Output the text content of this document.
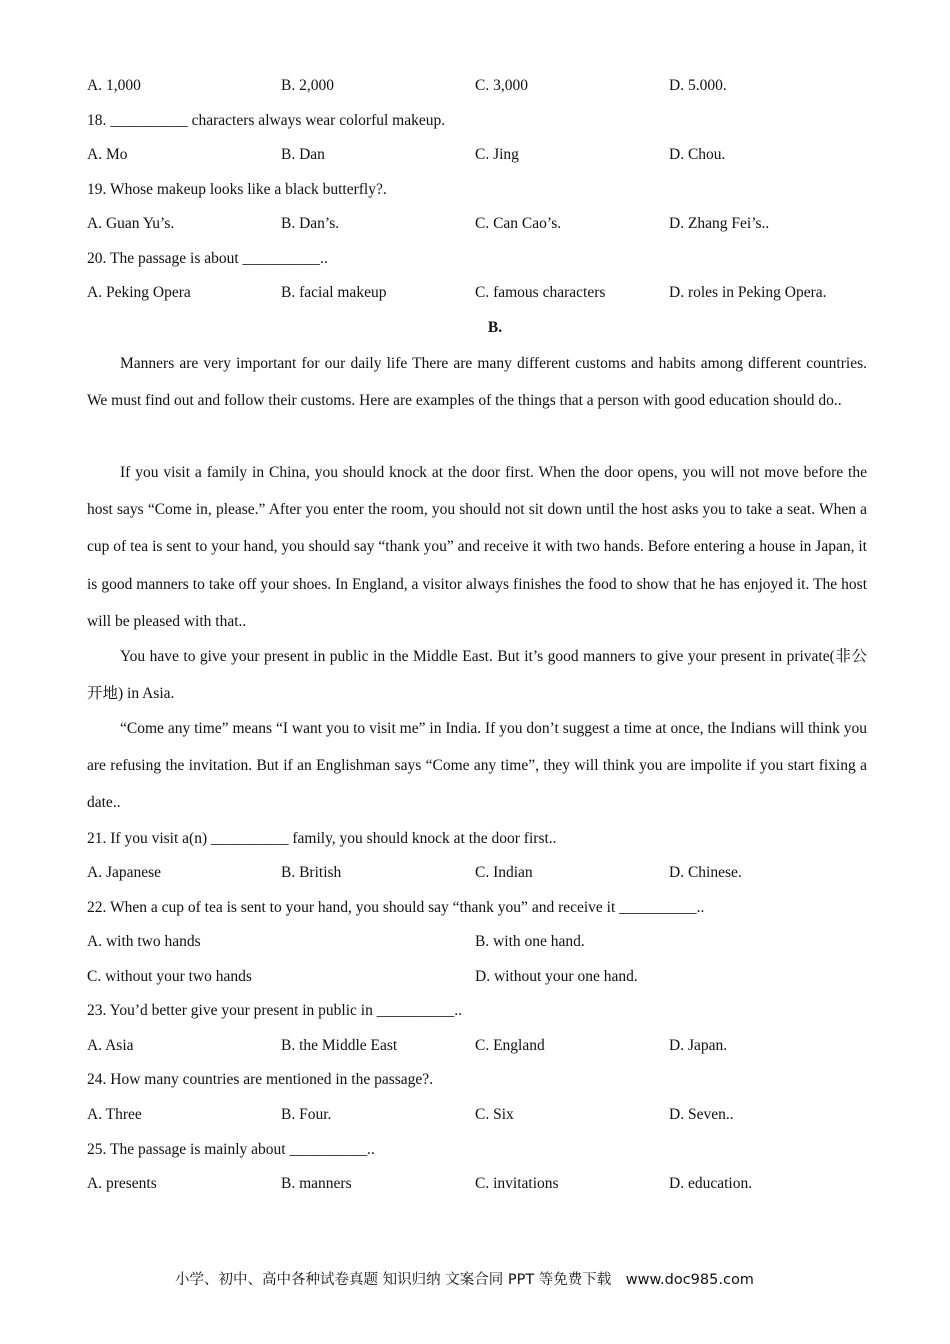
A. 1,000	B. 2,000	C. 3,000	D. 5.000.
18. __________ characters always wear colorful makeup.
A. Mo	B. Dan	C. Jing	D. Chou.
19. Whose makeup looks like a black butterfly?.
A. Guan Yu’s.	B. Dan’s.	C. Can Cao’s.	D. Zhang Fei’s..
20. The passage is about __________..
A. Peking Opera	B. facial makeup	C. famous characters	D. roles in Peking Opera.
B.
Manners are very important for our daily life There are many different customs and habits among different countries. We must find out and follow their customs. Here are examples of the things that a person with good education should do..
If you visit a family in China, you should knock at the door first. When the door opens, you will not move before the host says “Come in, please.” After you enter the room, you should not sit down until the host asks you to take a seat. When a cup of tea is sent to your hand, you should say “thank you” and receive it with two hands. Before entering a house in Japan, it is good manners to take off your shoes. In England, a visitor always finishes the food to show that he has enjoyed it. The host will be pleased with that..
You have to give your present in public in the Middle East. But it’s good manners to give your present in private(非公开地) in Asia.
“Come any time” means “I want you to visit me” in India. If you don’t suggest a time at once, the Indians will think you are refusing the invitation. But if an Englishman says “Come any time”, they will think you are impolite if you start fixing a date..
21. If you visit a(n) __________ family, you should knock at the door first..
A. Japanese	B. British	C. Indian	D. Chinese.
22. When a cup of tea is sent to your hand, you should say “thank you” and receive it __________..
A. with two hands	B. with one hand.
C. without your two hands	D. without your one hand.
23. You’d better give your present in public in __________..
A. Asia	B. the Middle East	C. England	D. Japan.
24. How many countries are mentioned in the passage?.
A. Three	B. Four.	C. Six	D. Seven..
25. The passage is mainly about __________..
A. presents	B. manners	C. invitations	D. education.
小学、初中、高中各种试卷真题 知识归纳 文案合同 PPT 等免费下载　www.doc985.com
